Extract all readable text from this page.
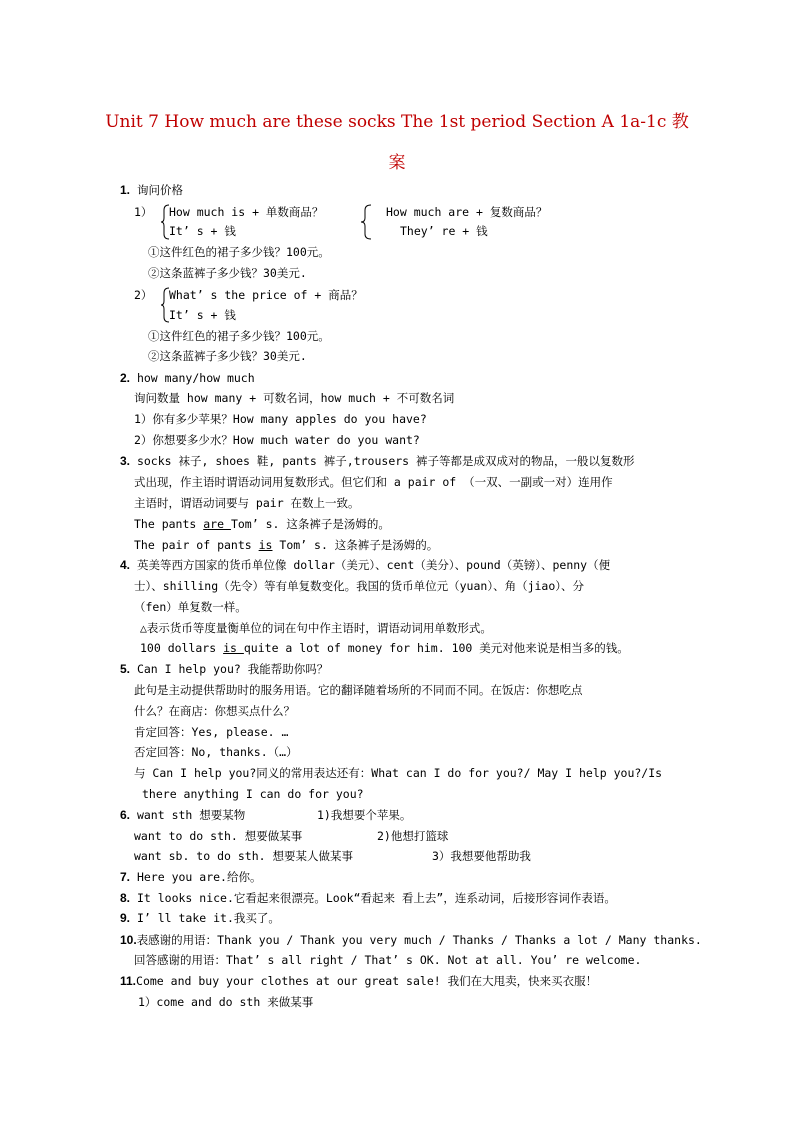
Unit 7 How much are these socks The 1st period Section A 1a-1c 教
案
1. 询问价格
1） How much is + 单数商品？
It’ s + 钱
How much are + 复数商品？
They’ re + 钱
①这件红色的裙子多少钱？100元。
②这条蓝裤子多少钱？30美元.
2） What’ s the price of + 商品？
It’ s + 钱
①这件红色的裙子多少钱？100元。
②这条蓝裤子多少钱？30美元.
2. how many/how much
询问数量 how many + 可数名词，how much + 不可数名词
1）你有多少苹果？How many apples do you have?
2）你想要多少水？How much water do you want?
3. socks 袜子, shoes 鞋, pants 裤子,trousers 裤子等都是成双成对的物品，一般以复数形
式出现，作主语时谓语动词用复数形式。但它们和 a pair of （一双、一副或一对）连用作
主语时，谓语动词要与 pair 在数上一致。
The pants are Tom’ s. 这条裤子是汤姆的。
The pair of pants is Tom’ s. 这条裤子是汤姆的。
4. 英美等西方国家的货币单位像 dollar（美元）、cent（美分）、pound（英镑）、penny（便
士）、shilling（先令）等有单复数变化。我国的货币单位元（yuan）、角（jiao）、分
（fen）单复数一样。
△表示货币等度量衡单位的词在句中作主语时，谓语动词用单数形式。
100 dollars is quite a lot of money for him. 100 美元对他来说是相当多的钱。
5. Can I help you? 我能帮助你吗？
此句是主动提供帮助时的服务用语。它的翻译随着场所的不同而不同。在饭店：你想吃点
什么？在商店：你想买点什么？
肯定回答：Yes, please. …
否定回答：No, thanks.（…）
与 Can I help you?同义的常用表达还有：What can I do for you?/ May I help you?/Is
there anything I can do for you?
6. want sth 想要某物	1)我想要个苹果。
want to do sth. 想要做某事	2)他想打篮球
want sb. to do sth. 想要某人做某事	3）我想要他帮助我
7. Here you are.给你。
8. It looks nice.它看起来很漂亮。Look“看起来 看上去”，连系动词，后接形容词作表语。
9. I’ ll take it.我买了。
10.表感谢的用语：Thank you / Thank you very much / Thanks / Thanks a lot / Many thanks.
回答感谢的用语：That’ s all right / That’ s OK. Not at all. You’ re welcome.
11.Come and buy your clothes at our great sale! 我们在大甩卖，快来买衣服！
1）come and do sth 来做某事
